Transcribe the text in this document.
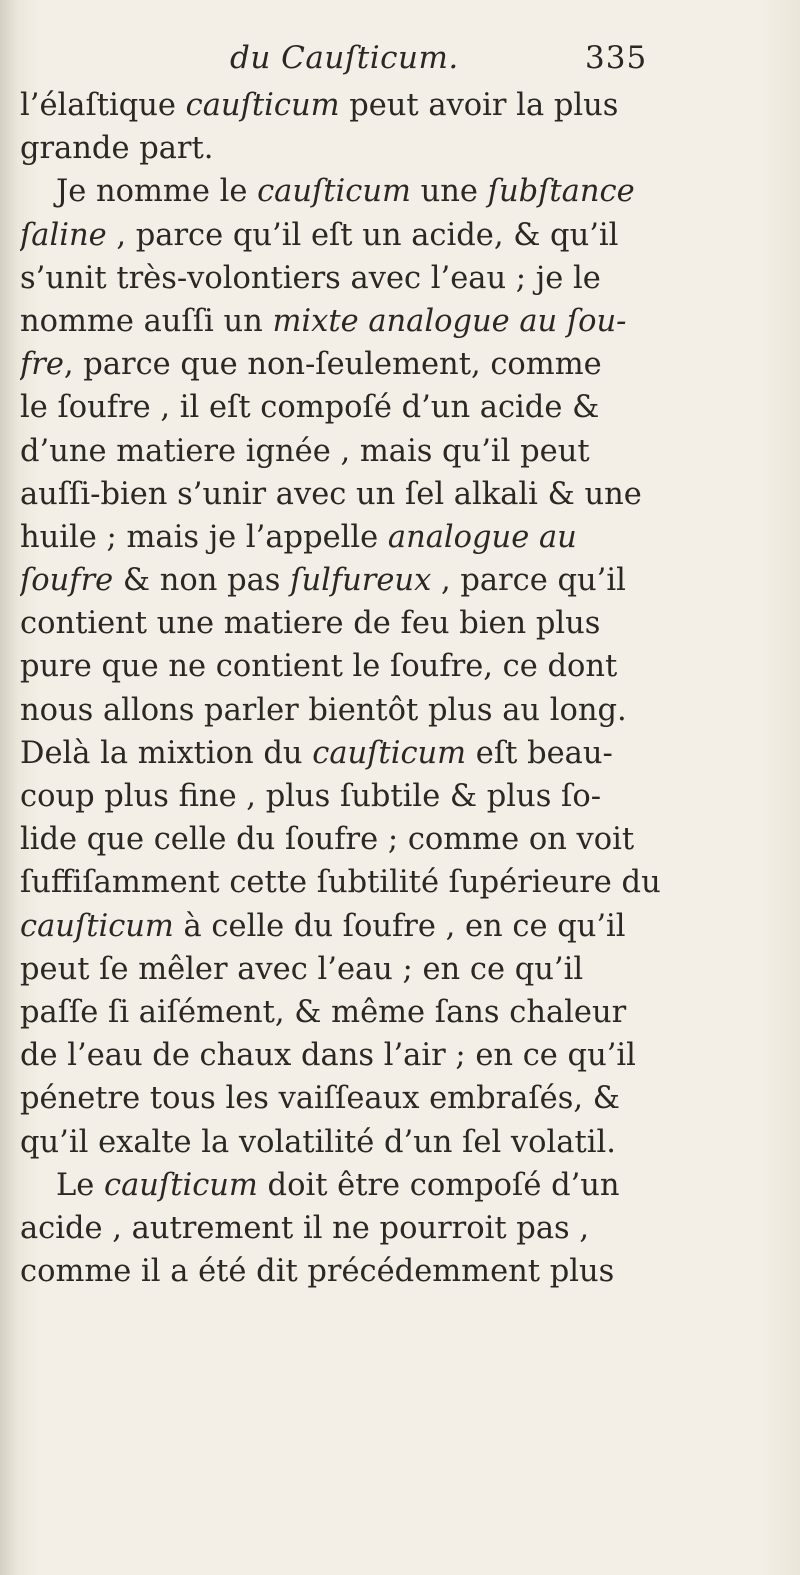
du Cauſticum.	335
l’élaſtique cauſticum peut avoir la plus
grande part.
Je nomme le cauſticum une ſubſtance
ſaline , parce qu’il eſt un acide, & qu’il
s’unit très-volontiers avec l’eau ; je le
nomme auſſi un mixte analogue au ſou-
fre, parce que non-ſeulement, comme
le ſoufre , il eſt compoſé d’un acide &
d’une matiere ignée , mais qu’il peut
auſſi-bien s’unir avec un ſel alkali & une
huile ; mais je l’appelle analogue au
ſoufre & non pas ſulfureux , parce qu’il
contient une matiere de feu bien plus
pure que ne contient le ſoufre, ce dont
nous allons parler bientôt plus au long.
Delà la mixtion du cauſticum eſt beau-
coup plus fine , plus ſubtile & plus ſo-
lide que celle du ſoufre ; comme on voit
ſuffiſamment cette ſubtilité ſupérieure du
cauſticum à celle du ſoufre , en ce qu’il
peut ſe mêler avec l’eau ; en ce qu’il
paſſe ſi aiſément, & même ſans chaleur
de l’eau de chaux dans l’air ; en ce qu’il
pénetre tous les vaiſſeaux embraſés, &
qu’il exalte la volatilité d’un ſel volatil.
Le cauſticum doit être compoſé d’un
acide , autrement il ne pourroit pas ,
comme il a été dit précédemment plus
